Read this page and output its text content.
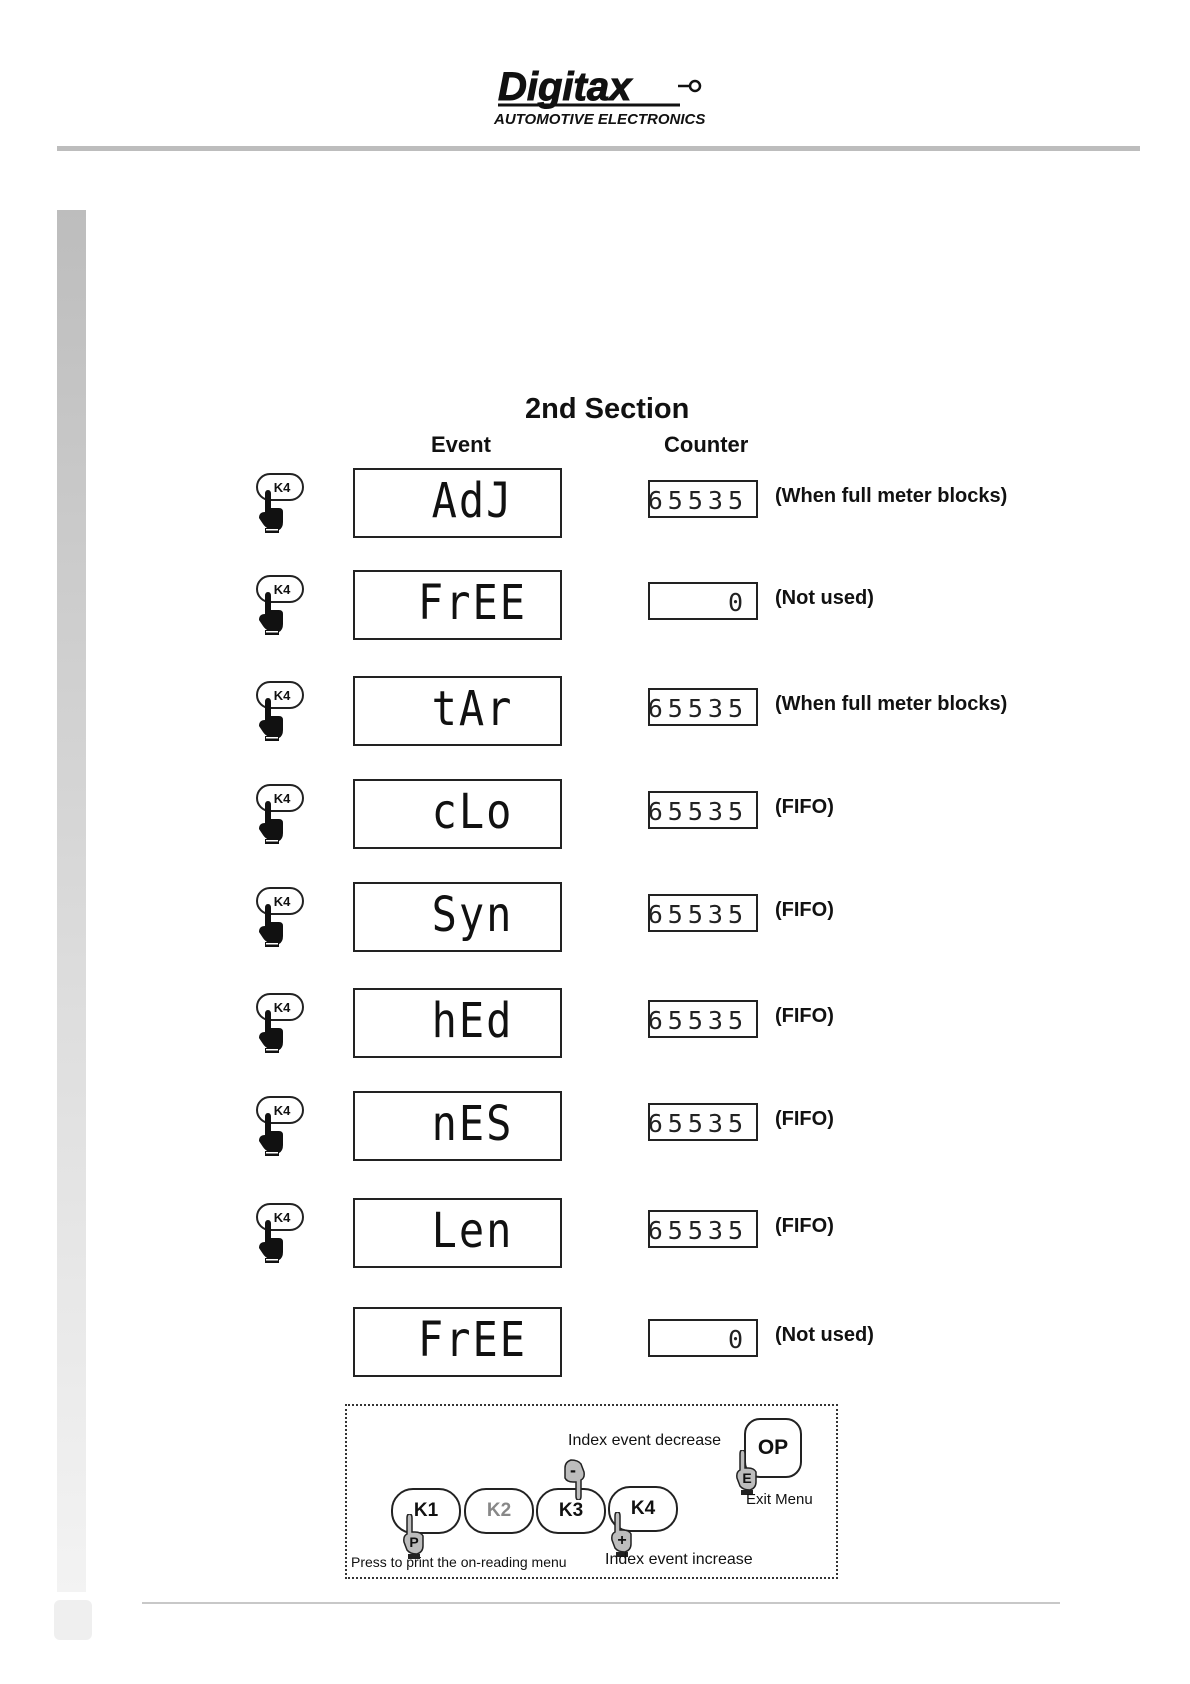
Digitax
AUTOMOTIVE ELECTRONICS
2nd Section
Event	Counter
K4	AdJ	65535 (When full meter blocks)
K4	FrEE	0 (Not used)
K4	tAr	65535 (When full meter blocks)
K4	cLo	65535 (FIFO)
K4	Syn	65535 (FIFO)
K4	hEd	65535 (FIFO)
K4	nES	65535 (FIFO)
K4	Len	65535 (FIFO)
FrEE	0 (Not used)
Index event decrease	OP
E
Exit Menu
K1	K2	K3	K4
P
-
+
Press to print the on-reading menu Index event increase
